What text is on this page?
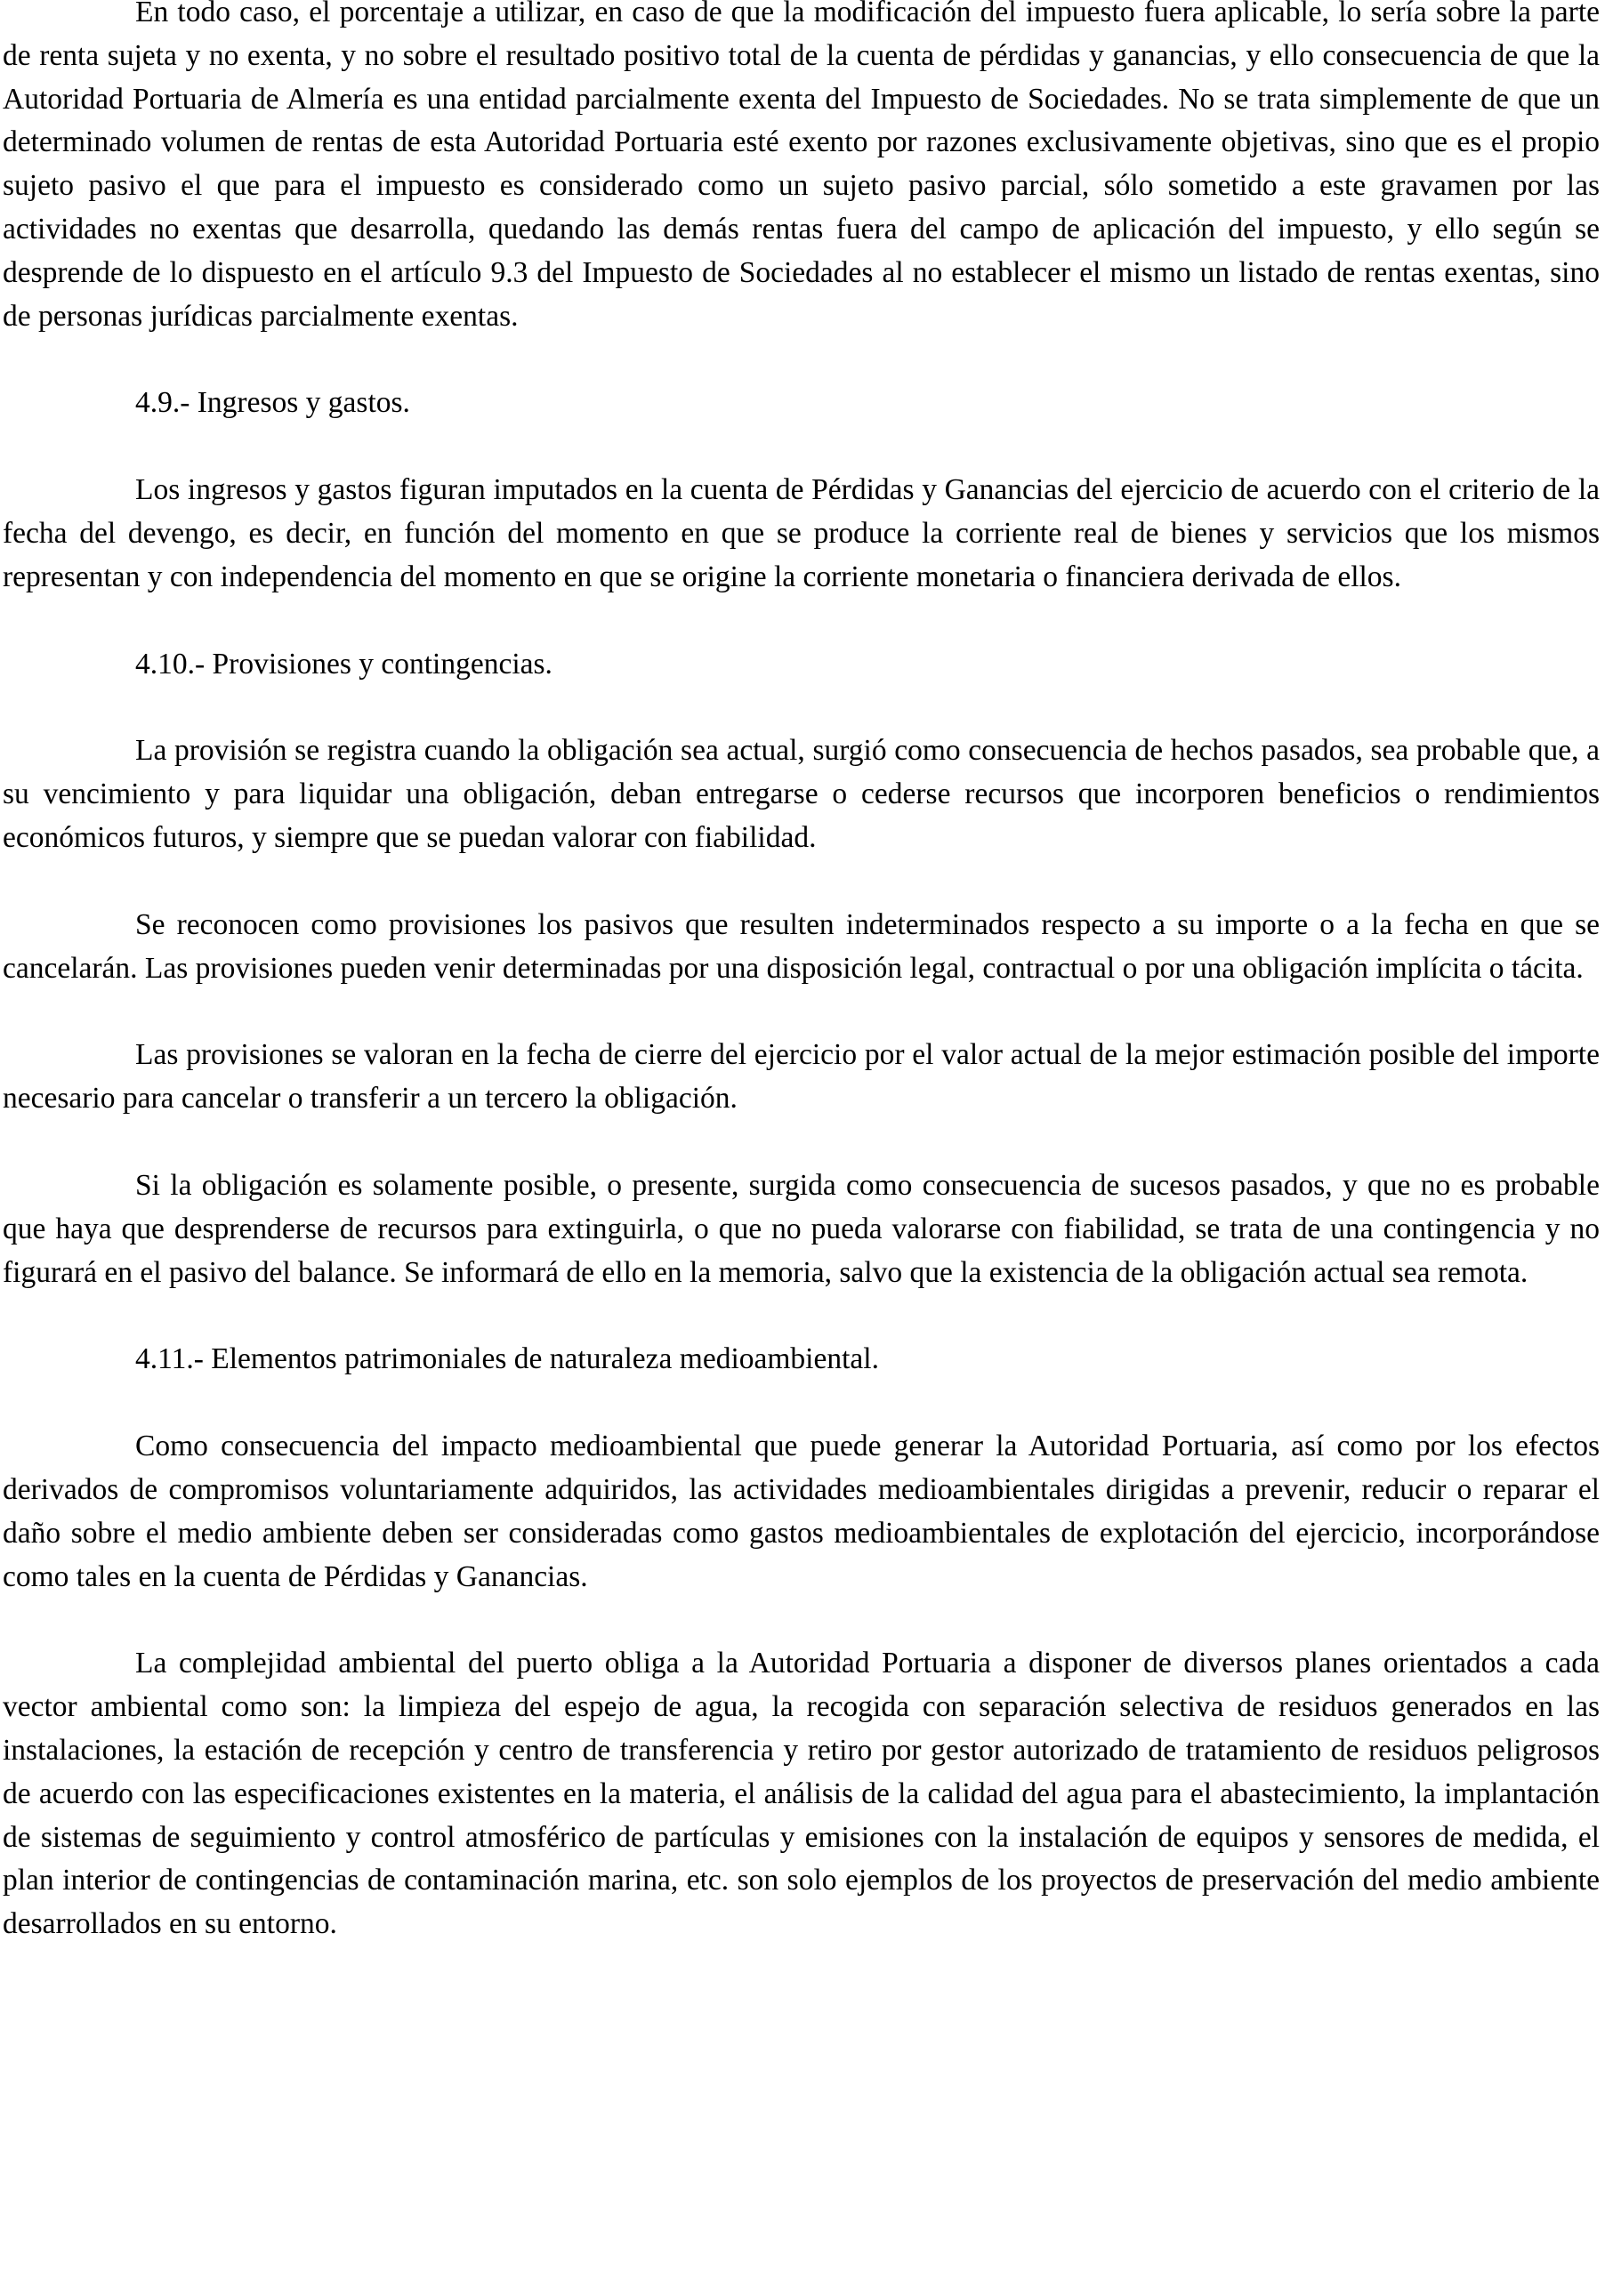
En todo caso, el porcentaje a utilizar, en caso de que la modificación del impuesto fuera aplicable, lo sería sobre la parte de renta sujeta y no exenta, y no sobre el resultado positivo total de la cuenta de pérdidas y ganancias, y ello consecuencia de que la Autoridad Portuaria de Almería es una entidad parcialmente exenta del Impuesto de Sociedades. No se trata simplemente de que un determinado volumen de rentas de esta Autoridad Portuaria esté exento por razones exclusivamente objetivas, sino que es el propio sujeto pasivo el que para el impuesto es considerado como un sujeto pasivo parcial, sólo sometido a este gravamen por las actividades no exentas que desarrolla, quedando las demás rentas fuera del campo de aplicación del impuesto, y ello según se desprende de lo dispuesto en el artículo 9.3 del Impuesto de Sociedades al no establecer el mismo un listado de rentas exentas, sino de personas jurídicas parcialmente exentas.

4.9.- Ingresos y gastos.

Los ingresos y gastos figuran imputados en la cuenta de Pérdidas y Ganancias del ejercicio de acuerdo con el criterio de la fecha del devengo, es decir, en función del momento en que se produce la corriente real de bienes y servicios que los mismos representan y con independencia del momento en que se origine la corriente monetaria o financiera derivada de ellos.

4.10.- Provisiones y contingencias.

La provisión se registra cuando la obligación sea actual, surgió como consecuencia de hechos pasados, sea probable que, a su vencimiento y para liquidar una obligación, deban entregarse o cederse recursos que incorporen beneficios o rendimientos económicos futuros, y siempre que se puedan valorar con fiabilidad.

Se reconocen como provisiones los pasivos que resulten indeterminados respecto a su importe o a la fecha en que se cancelarán. Las provisiones pueden venir determinadas por una disposición legal, contractual o por una obligación implícita o tácita.

Las provisiones se valoran en la fecha de cierre del ejercicio por el valor actual de la mejor estimación posible del importe necesario para cancelar o transferir a un tercero la obligación.

Si la obligación es solamente posible, o presente, surgida como consecuencia de sucesos pasados, y que no es probable que haya que desprenderse de recursos para extinguirla, o que no pueda valorarse con fiabilidad, se trata de una contingencia y no figurará en el pasivo del balance. Se informará de ello en la memoria, salvo que la existencia de la obligación actual sea remota.

4.11.- Elementos patrimoniales de naturaleza medioambiental.

Como consecuencia del impacto medioambiental que puede generar la Autoridad Portuaria, así como por los efectos derivados de compromisos voluntariamente adquiridos, las actividades medioambientales dirigidas a prevenir, reducir o reparar el daño sobre el medio ambiente deben ser consideradas como gastos medioambientales de explotación del ejercicio, incorporándose como tales en la cuenta de Pérdidas y Ganancias.

La complejidad ambiental del puerto obliga a la Autoridad Portuaria a disponer de diversos planes orientados a cada vector ambiental como son: la limpieza del espejo de agua, la recogida con separación selectiva de residuos generados en las instalaciones, la estación de recepción y centro de transferencia y retiro por gestor autorizado de tratamiento de residuos peligrosos de acuerdo con las especificaciones existentes en la materia, el análisis de la calidad del agua para el abastecimiento, la implantación de sistemas de seguimiento y control atmosférico de partículas y emisiones con la instalación de equipos y sensores de medida, el plan interior de contingencias de contaminación marina, etc. son solo ejemplos de los proyectos de preservación del medio ambiente desarrollados en su entorno.
